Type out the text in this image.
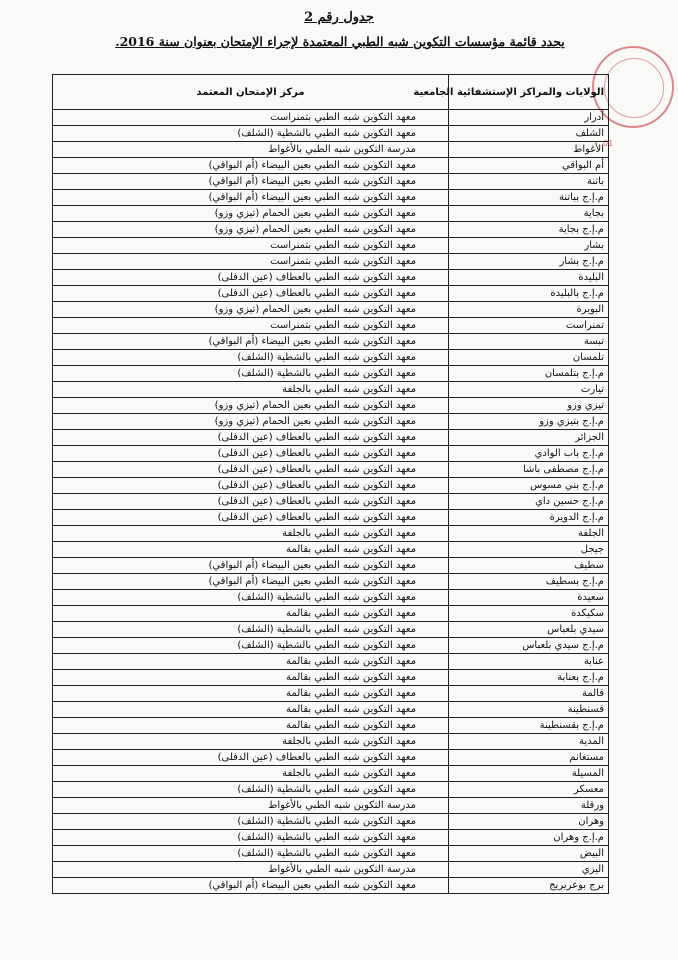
جدول رقم 2
يحدد قائمة مؤسسات التكوين شبه الطبي المعتمدة لإجراء الإمتحان بعنوان سنة 2016.
01
الولايات والمراكز الإستشفائية الجامعية	مركز الإمتحان المعتمد
أدرار	معهد التكوين شبه الطبي بتمنراست
الشلف	معهد التكوين شبه الطبي بالشطية (الشلف)
الأغواط	مدرسة التكوين شبه الطبي بالأغواط
أم البواقي	معهد التكوين شبه الطبي بعين البيضاء (أم البواقي)
باتنة	معهد التكوين شبه الطبي بعين البيضاء (أم البواقي)
م.إ.ج بباتنة	معهد التكوين شبه الطبي بعين البيضاء (أم البواقي)
بجاية	معهد التكوين شبه الطبي بعين الحمام (تيزي وزو)
م.إ.ج بجاية	معهد التكوين شبه الطبي بعين الحمام (تيزي وزو)
بشار	معهد التكوين شبه الطبي بتمنراست
م.إ.ج بشار	معهد التكوين شبه الطبي بتمنراست
البليدة	معهد التكوين شبه الطبي بالعطاف (عين الدفلى)
م.إ.ج بالبليدة	معهد التكوين شبه الطبي بالعطاف (عين الدفلى)
البويرة	معهد التكوين شبه الطبي بعين الحمام (تيزي وزو)
تمنراست	معهد التكوين شبه الطبي بتمنراست
تبسة	معهد التكوين شبه الطبي بعين البيضاء (أم البواقي)
تلمسان	معهد التكوين شبه الطبي بالشطية (الشلف)
م.إ.ج بتلمسان	معهد التكوين شبه الطبي بالشطية (الشلف)
تيارت	معهد التكوين شبه الطبي بالجلفة
تيزي وزو	معهد التكوين شبه الطبي بعين الحمام (تيزي وزو)
م.إ.ج بتيزي وزو	معهد التكوين شبه الطبي بعين الحمام (تيزي وزو)
الجزائر	معهد التكوين شبه الطبي بالعطاف (عين الدفلى)
م.إ.ج باب الوادي	معهد التكوين شبه الطبي بالعطاف (عين الدفلى)
م.إ.ج مصطفى باشا	معهد التكوين شبه الطبي بالعطاف (عين الدفلى)
م.إ.ج بني مسوس	معهد التكوين شبه الطبي بالعطاف (عين الدفلى)
م.إ.ج حسين داي	معهد التكوين شبه الطبي بالعطاف (عين الدفلى)
م.إ.ج الدويرة	معهد التكوين شبه الطبي بالعطاف (عين الدفلى)
الجلفة	معهد التكوين شبه الطبي بالجلفة
جيجل	معهد التكوين شبه الطبي بقالمة
سطيف	معهد التكوين شبه الطبي بعين البيضاء (أم البواقي)
م.إ.ج بسطيف	معهد التكوين شبه الطبي بعين البيضاء (أم البواقي)
سعيدة	معهد التكوين شبه الطبي بالشطية (الشلف)
سكيكدة	معهد التكوين شبه الطبي بقالمة
سيدي بلعباس	معهد التكوين شبه الطبي بالشطية (الشلف)
م.إ.ج سيدي بلعباس	معهد التكوين شبه الطبي بالشطية (الشلف)
عنابة	معهد التكوين شبه الطبي بقالمة
م.إ.ج بعنابة	معهد التكوين شبه الطبي بقالمة
قالمة	معهد التكوين شبه الطبي بقالمة
قسنطينة	معهد التكوين شبه الطبي بقالمة
م.إ.ج بقسنطينة	معهد التكوين شبه الطبي بقالمة
المدية	معهد التكوين شبه الطبي بالجلفة
مستغانم	معهد التكوين شبه الطبي بالعطاف (عين الدفلى)
المسيلة	معهد التكوين شبه الطبي بالجلفة
معسكر	معهد التكوين شبه الطبي بالشطية (الشلف)
ورقلة	مدرسة التكوين شبه الطبي بالأغواط
وهران	معهد التكوين شبه الطبي بالشطية (الشلف)
م.إ.ج وهران	معهد التكوين شبه الطبي بالشطية (الشلف)
البيض	معهد التكوين شبه الطبي بالشطية (الشلف)
اليزي	مدرسة التكوين شبه الطبي بالأغواط
برج بوعريريج	معهد التكوين شبه الطبي بعين البيضاء (أم البواقي)
